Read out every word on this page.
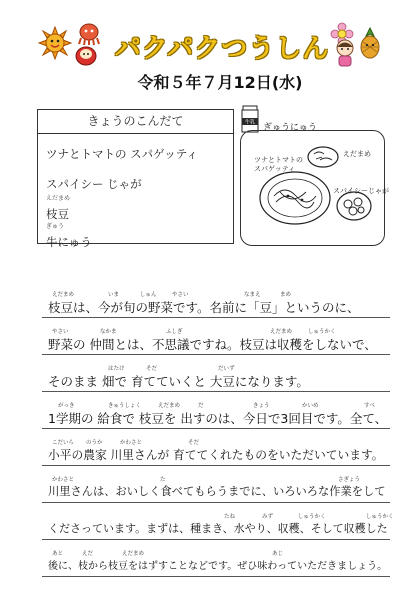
パクパクつうしん
令和５年７月12日(水)
きょうのこんだて
ツナとトマトの スパゲッティ
スパイシー じゃが
えだまめ
枝豆
ぎゅう
牛にゅう
牛乳
ぎゅうにゅう
えだまめ
ツナとトマトの
スパゲッティ
スパイシーじゃが
えだまめ	いま	しゅん	やさい	なまえ	まめ
枝豆は、今が旬の野菜です。名前に「豆」というのに、
やさい	なかま	ふしぎ	えだまめ	しゅうかく
野菜の 仲間とは、不思議ですね。枝豆は収穫をしないで、
はたけ	そだ	だいず
そのまま 畑で 育てていくと 大豆になります。
がっき	きゅうしょく	えだまめ	だ	きょう	かいめ	すべ
1学期の 給食で 枝豆を 出すのは、今日で3回目です。全て、
こだいら のうか	かわさと	そだ
小平の農家 川里さんが 育ててくれたものをいただいています。
かわさと	た	さぎょう
川里さんは、おいしく食べてもらうまでに、いろいろな作業をして
たね	みず	しゅうかく	しゅうかく
くださっています。まずは、種まき、水やり、収穫、そして収穫した
あと	えだ	えだまめ	あじ
後に、枝から枝豆をはずすことなどです。ぜひ味わっていただきましょう。
